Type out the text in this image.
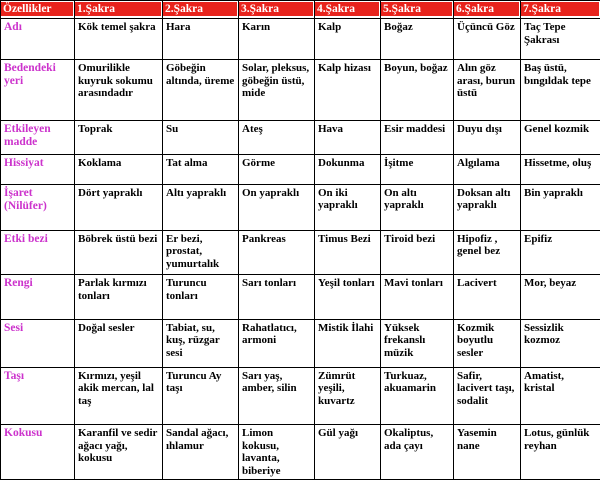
Özellikler	1.Şakra	2.Şakra	3.Şakra	4.Şakra	5.Şakra	6.Şakra	7.Şakra

Adı	Kök temel şakra	Hara	Karın	Kalp	Boğaz	Üçüncü Göz	Taç Tepe Şakrası
Bedendeki yeri	Omurilikle kuyruk sokumu arasındadır	Göbeğin altında, üreme	Solar, pleksus, göbeğin üstü, mide	Kalp hizası	Boyun, boğaz	Alın göz arası, burun üstü	Baş üstü, bıngıldak tepe
Etkileyen madde	Toprak	Su	Ateş	Hava	Esir maddesi	Duyu dışı	Genel kozmik
Hissiyat	Koklama	Tat alma	Görme	Dokunma	İşitme	Algılama	Hissetme, oluş
İşaret (Nilüfer)	Dört yapraklı	Altı yapraklı	On yapraklı	On iki yapraklı	On altı yapraklı	Doksan altı yapraklı	Bin yapraklı
Etki bezi	Böbrek üstü bezi	Er bezi, prostat, yumurtalık	Pankreas	Timus Bezi	Tiroid bezi	Hipofiz , genel bez	Epifiz
Rengi	Parlak kırmızı tonları	Turuncu tonları	Sarı tonları	Yeşil tonları	Mavi tonları	Lacivert	Mor, beyaz
Sesi	Doğal sesler	Tabiat, su, kuş, rüzgar sesi	Rahatlatıcı, armoni	Mistik İlahi	Yüksek frekanslı müzik	Kozmik boyutlu sesler	Sessizlik kozmoz
Taşı	Kırmızı, yeşil akik mercan, lal taş	Turuncu Ay taşı	Sarı yaş, amber, silin	Zümrüt yeşili, kuvartz	Turkuaz, akuamarin	Safir, lacivert taşı, sodalit	Amatist, kristal
Kokusu	Karanfil ve sedir ağacı yağı, kokusu	Sandal ağacı, ıhlamur	Limon kokusu, lavanta, biberiye	Gül yağı	Okaliptus, ada çayı	Yasemin nane	Lotus, günlük reyhan
